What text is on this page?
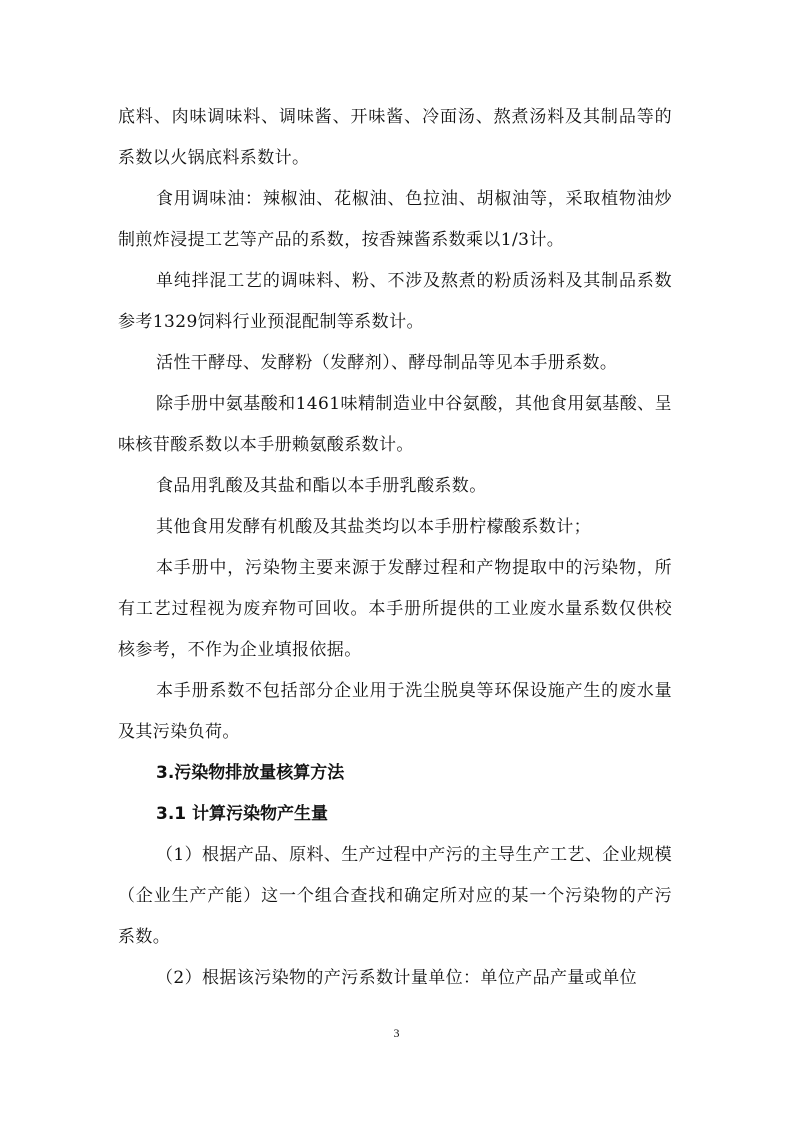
底料、肉味调味料、调味酱、开味酱、冷面汤、熬煮汤料及其制品等的系数以火锅底料系数计。

食用调味油：辣椒油、花椒油、色拉油、胡椒油等，采取植物油炒制煎炸浸提工艺等产品的系数，按香辣酱系数乘以1/3计。

单纯拌混工艺的调味料、粉、不涉及熬煮的粉质汤料及其制品系数参考1329饲料行业预混配制等系数计。

活性干酵母、发酵粉（发酵剂）、酵母制品等见本手册系数。

除手册中氨基酸和1461味精制造业中谷氨酸，其他食用氨基酸、呈味核苷酸系数以本手册赖氨酸系数计。

食品用乳酸及其盐和酯以本手册乳酸系数。

其他食用发酵有机酸及其盐类均以本手册柠檬酸系数计；

本手册中，污染物主要来源于发酵过程和产物提取中的污染物，所有工艺过程视为废弃物可回收。本手册所提供的工业废水量系数仅供校核参考，不作为企业填报依据。

本手册系数不包括部分企业用于洗尘脱臭等环保设施产生的废水量及其污染负荷。

3.污染物排放量核算方法
3.1 计算污染物产生量

（1）根据产品、原料、生产过程中产污的主导生产工艺、企业规模（企业生产产能）这一个组合查找和确定所对应的某一个污染物的产污系数。

（2）根据该污染物的产污系数计量单位：单位产品产量或单位

3
